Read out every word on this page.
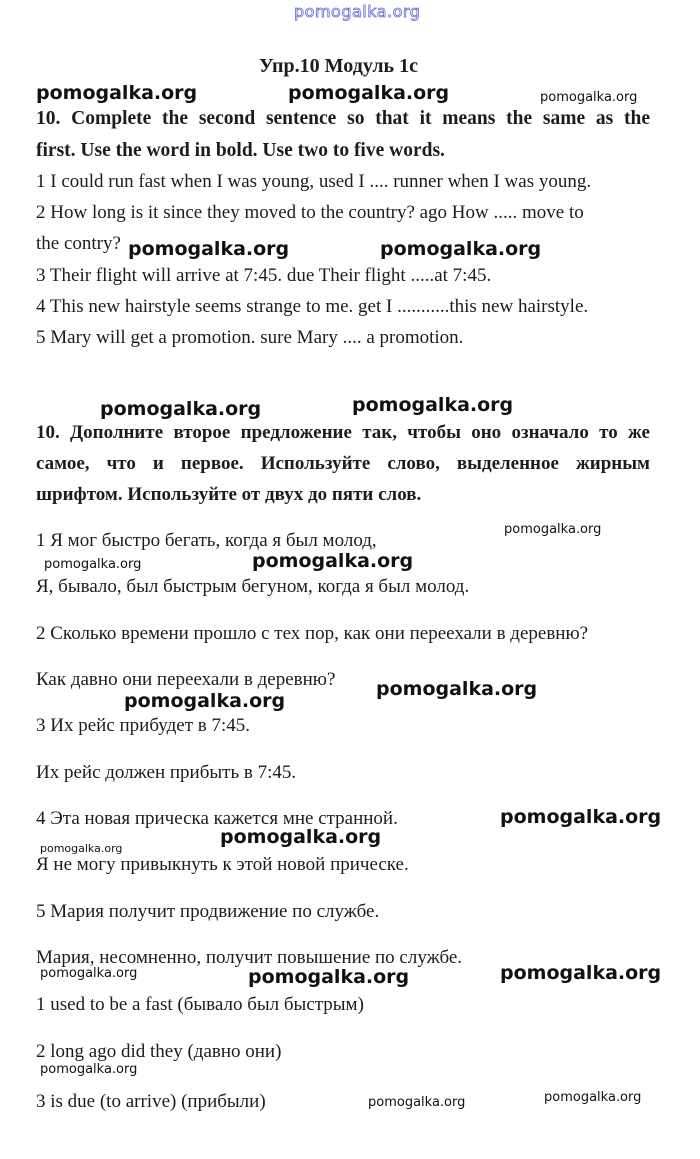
pomogalka.org
Упр.10 Модуль 1с
10. Complete the second sentence so that it means the same as the
first. Use the word in bold. Use two to five words.
1 I could run fast when I was young, used I .... runner when I was young.
2 How long is it since they moved to the country? ago How ..... move to
the contry?
3 Their flight will arrive at 7:45. due Their flight .....at 7:45.
4 This new hairstyle seems strange to me. get I ...........this new hairstyle.
5 Mary will get a promotion. sure Mary .... a promotion.
10. Дополните второе предложение так, чтобы оно означало то же
самое, что и первое. Используйте слово, выделенное жирным
шрифтом. Используйте от двух до пяти слов.
1 Я мог быстро бегать, когда я был молод,
Я, бывало, был быстрым бегуном, когда я был молод.
2 Сколько времени прошло с тех пор, как они переехали в деревню?
Как давно они переехали в деревню?
3 Их рейс прибудет в 7:45.
Их рейс должен прибыть в 7:45.
4 Эта новая прическа кажется мне странной.
Я не могу привыкнуть к этой новой прическе.
5 Мария получит продвижение по службе.
Мария, несомненно, получит повышение по службе.
1 used to be a fast (бывало был быстрым)
2 long ago did they (давно они)
3 is due (to arrive) (прибыли)
pomogalka.org	pomogalka.org	pomogalka.org
pomogalka.org	pomogalka.org
pomogalka.org	pomogalka.org
pomogalka.org
pomogalka.org	pomogalka.org
pomogalka.org
pomogalka.org
pomogalka.org
pomogalka.org
pomogalka.org
pomogalka.org	pomogalka.org	pomogalka.org
pomogalka.org
pomogalka.org
pomogalka.org
